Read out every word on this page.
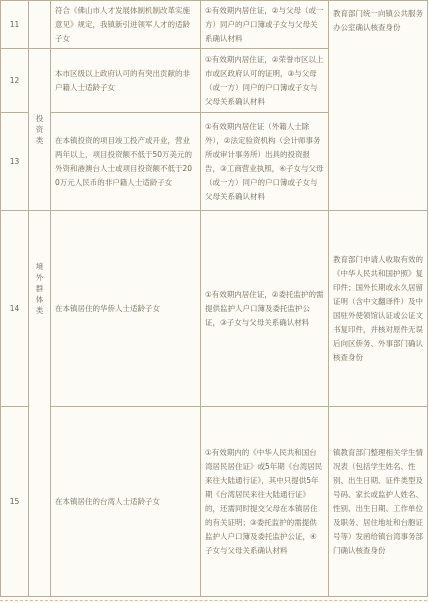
11		符合《佛山市人才发展体制机制改革实施意见》规定，我镇新引进领军人才的适龄子女	①有效期内居住证，②与父母（或一方）同户的户口簿或子女与父母关系确认材料	教育部门统一向镇公共服务办公室确认核查身份
12	投资类	本市区级以上政府认可的有突出贡献的非户籍人士适龄子女	①有效期内居住证，②荣誉市区以上市或区政府认可的证明，③与父母（或一方）同户的户口簿或子女与父母关系确认材料	
13		在本镇投资的项目竣工投产或开业，营业两年以上，项目投资额不低于50万美元的外资和港澳台人士或项目投资额不低于200万元人民币的非户籍人士适龄子女	①有效期内居住证（外籍人士除外），②法定验资机构（会计师事务所或审计事务所）出具的投资报告，③工商营业执照，④子女与父母（或一方）同户的户口簿或子女与父母关系确认材料	
14	境外群体类	在本镇居住的华侨人士适龄子女	①有效期内居住证，②委托监护的需提供监护人户口簿及委托监护公证，③子女与父母关系确认材料	教育部门申请人收取有效的《中华人民共和国护照》复印件；国外长期或永久居留证明（含中文翻译件）及中国驻外使领馆认证或公证文书复印件，并核对原件无误后向区侨务、外事部门确认核查身份
15		在本镇居住的台湾人士适龄子女	①有效期内的《中华人民共和国台湾居民居住证》或5年期《台湾居民来往大陆通行证》，其中只提供5年期《台湾居民来往大陆通行证》的，还需同时提交父母在本镇居住的有关证明；③委托监护的需提供监护人户口簿及委托监护公证，④子女与父母关系确认材料	镇教育部门整理相关学生情况表（包括学生姓名、性别、出生日期、证件类型及号码、家长或监护人姓名、性别、出生日期、工作单位及职务、居住地址和台胞证号等）发函给镇台湾事务部门确认核查身份
